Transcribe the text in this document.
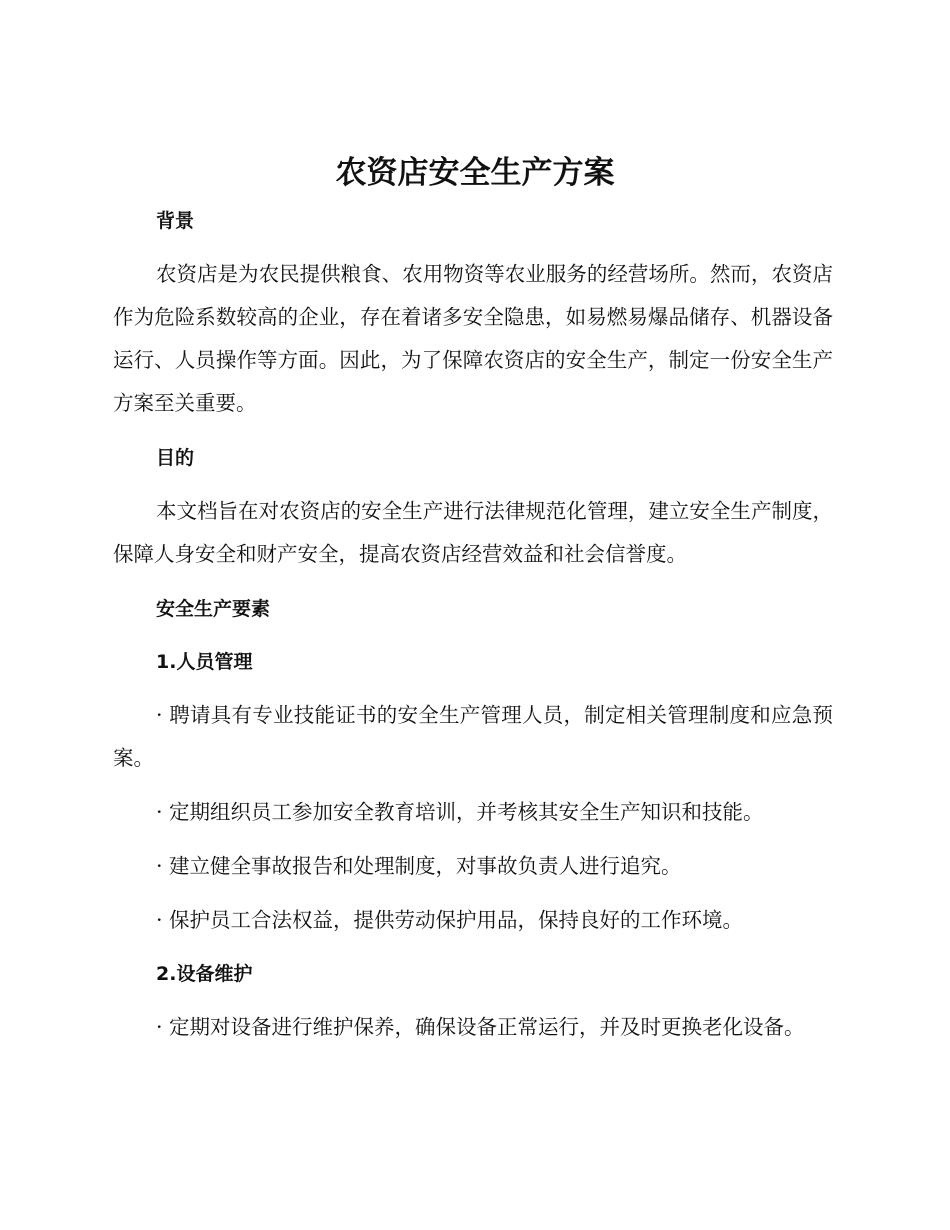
农资店安全生产方案
背景

农资店是为农民提供粮食、农用物资等农业服务的经营场所。然而，农资店作为危险系数较高的企业，存在着诸多安全隐患，如易燃易爆品储存、机器设备运行、人员操作等方面。因此，为了保障农资店的安全生产，制定一份安全生产方案至关重要。

目的

本文档旨在对农资店的安全生产进行法律规范化管理，建立安全生产制度，保障人身安全和财产安全，提高农资店经营效益和社会信誉度。

安全生产要素
1.人员管理

· 聘请具有专业技能证书的安全生产管理人员，制定相关管理制度和应急预案。

· 定期组织员工参加安全教育培训，并考核其安全生产知识和技能。

· 建立健全事故报告和处理制度，对事故负责人进行追究。

· 保护员工合法权益，提供劳动保护用品，保持良好的工作环境。

2.设备维护

· 定期对设备进行维护保养，确保设备正常运行，并及时更换老化设备。
